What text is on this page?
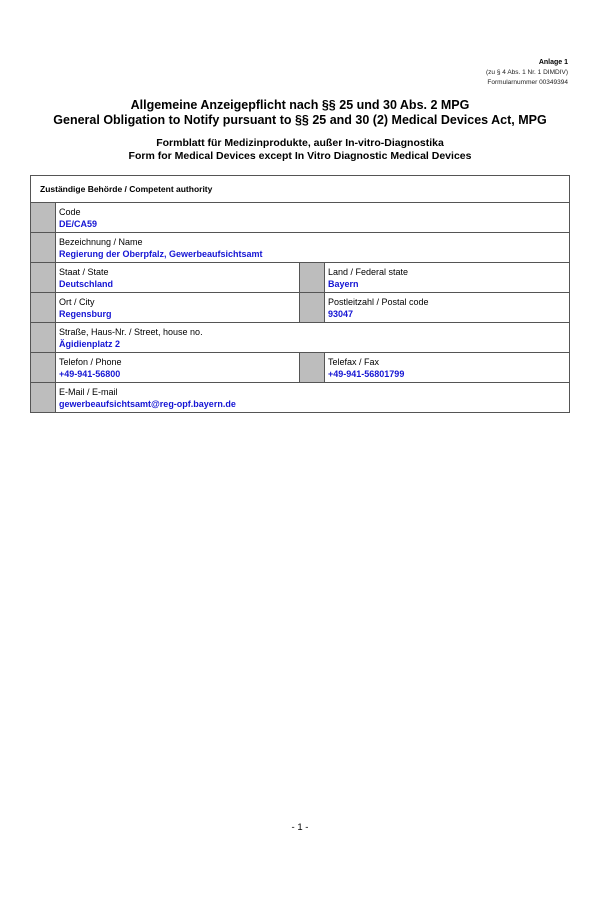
Anlage 1
(zu § 4 Abs. 1 Nr. 1 DIMDIV)
Formularnummer 00349394
Allgemeine Anzeigepflicht nach §§ 25 und 30 Abs. 2 MPG
General Obligation to Notify pursuant to §§ 25 and 30 (2) Medical Devices Act, MPG
Formblatt für Medizinprodukte, außer In-vitro-Diagnostika
Form for Medical Devices except In Vitro Diagnostic Medical Devices
Zuständige Behörde / Competent authority
Code
DE/CA59
Bezeichnung / Name
Regierung der Oberpfalz, Gewerbeaufsichtsamt
Staat / State
Deutschland
Land / Federal state
Bayern
Ort / City
Regensburg
Postleitzahl / Postal code
93047
Straße, Haus-Nr. / Street, house no.
Ägidienplatz 2
Telefon / Phone
+49-941-56800
Telefax / Fax
+49-941-56801799
E-Mail / E-mail
gewerbeaufsichtsamt@reg-opf.bayern.de
- 1 -
